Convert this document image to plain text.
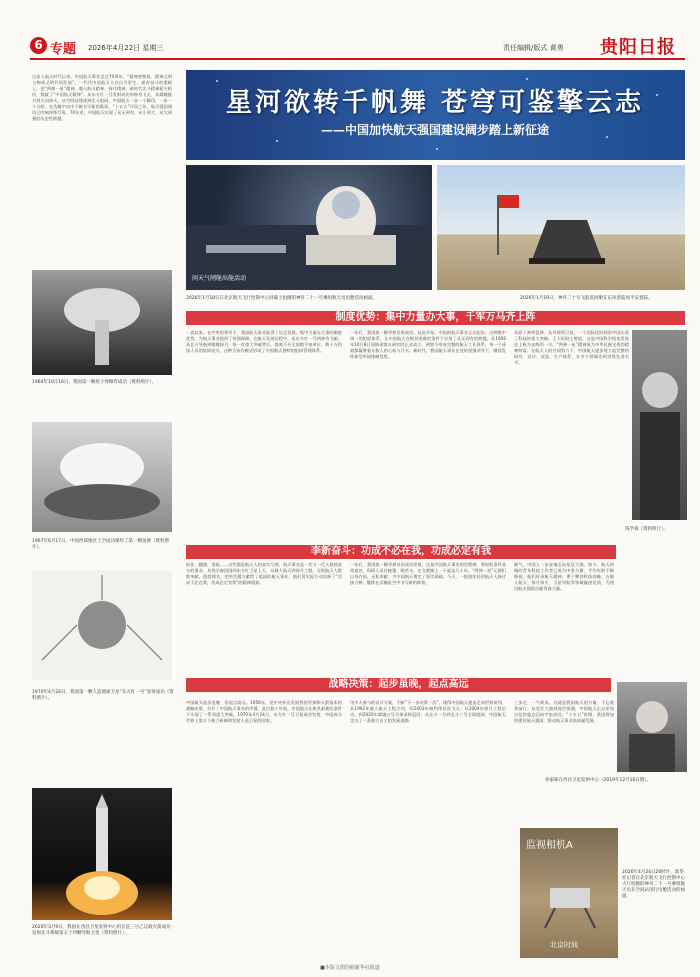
6 专题 2026年4月22日 星期三	责任编辑/版式 黄勇 贵阳日报
自步入航天时代以来，中国航天事业走过70周年。“精神变物质，精神文明与物质文明共同发展”。一代代中国航天人在自力更生、艰苦奋斗的道路上，把“两弹一星”精神、载人航天精神、探月精神、新时代北斗精神薪火相传，铸就了“中国航天精神”。从东方红一号发射成功到神舟飞天，从嫦娥揽月到天问探火，从空间站建成到北斗组网，中国航天一步一个脚印，一步一个台阶，在浩瀚宇宙中不断书写新的篇章。“十五五”开局之年，航天强国建设已吹响冲锋号角。70年来，中国航天实现了从无到有、从小到大、从大到强的历史性跨越。
星河欲转千帆舞 苍穹可鉴擎云志
——中国加快航天强国建设阔步踏上新征途
问天气闸舱出舱活动
2026年1月18日在北京航天飞行控制中心屏幕上拍摄的神舟二十一号乘组航天员出舱活动画面。	2026年1月19日，神舟二十号飞船返回舱在东风着陆场平安着陆。
1964年10月16日，我国第一颗原子弹爆炸成功（资料照片）。
制度优势：集中力量办大事，千军万马齐上阵
一直以来，在中央的领导下，我国航天事业取得了长足发展。集中力量办大事的制度优势，为航天事业提供了坚强保障。在航天发展历程中，从东方红一号到神舟飞船，从北斗导航到嫦娥探月，每一次重大突破背后，都离不开全国数千家单位、数十万科技人员的协同攻关。这种大协作模式形成了中国航天独特的组织管理体系。
一年后，我国第一颗导弹发射成功。从此开始，中国的航天事业正式起步。这种集中统一的组织体系，让中国航天在极其困难的条件下实现了从无到有的跨越。从1956年10月8日国防部第五研究院正式成立，到如今形成完整的航天工业体系，每一个成就都凝聚着无数人的心血与汗水。新时代，我国航天事业在党的坚强领导下，继续发挥新型举国体制优势。
从原子弹到氢弹，从导弹到卫星，一个国际化时间里中国实现了科技的重大突破。王大珩院士曾说，这是中国科学技术发展史上极为光辉的一页。“两弹一星”精神成为中华民族宝贵的精神财富。在航天人的共同努力下，中国航天逐步建立起完整的研究、设计、试验、生产体系，在多个领域达到世界先进水平。
钱学森（资料照片）。
1967年6月17日，中国西部地区上空成功爆炸了第一颗氢弹（资料照片）。	李新奋斗：功成不必在我，功成必定有我
前往、翻越、进取……这些都是航天人的真实写照。航天事业是一代又一代人接续奋斗的事业。从钱学森回国到东方红卫星上天，从载人航天到探月工程，无数航天人默默奉献，隐姓埋名，把毕生精力献给了祖国的航天事业。他们用实际行动诠释了“功成不必在我，功成必定有我”的精神境界。
一年后，我国第一颗导弹首次成功发射，这是中国航天事业的里程碑。那时的条件非常艰苦，科研人员住帐篷、喝苦水，在戈壁滩上一干就是几十年。“两弹一星”元勋们以身许国、无私奉献，为中国航天奠定了坚实基础。今天，一批批年轻的航天人接过接力棒，继续在浩瀚星空中书写新的辉煌。
硬气，中国人一步步地迈向星辰大海。如今，航天领域的青年科技工作者已成为中坚力量，平均年龄不断降低。他们传承航天精神，勇于攀登科技高峰，在载人航天、探月探火、卫星导航等领域屡创佳绩，为建设航天强国贡献青春力量。
1970年4月24日，我国第一颗人造地球卫星“东方红一号”发射成功（资料照片）。
孙家栋在西昌卫星发射中心（2019年12月16日摄）。
战略决策：起步虽晚，起点高远
中国航天起步虽晚，但起点高远。1956年，党中央作出发展我国导弹和火箭技术的战略决策，拉开了中国航天事业的序幕。此后数十年间，中国航天在极其艰难的条件下实现了一系列重大突破。1970年4月24日，东方红一号卫星成功发射，中国成为世界上第五个独立研制和发射人造卫星的国家。
用多人参与的设计方案，不断“下一步决策一次”，使得中国航天逐步走向世界前列。从1992年载人航天工程立项，到2003年杨利伟首次飞天；从2004年探月工程启动，到2020年嫦娥五号月球采样返回；从北斗一号到北斗三号全球组网，中国航天走出了一条独立自主的发展道路。
三步走，一气呵成。这就是我国航天的力量，不忘使命前行。从苍茫大漠到深空探测，中国航天正以更加自信的姿态迈向宇宙深处。“十五五”时期，我国将加快建设航天强国，推动航天事业高质量发展。
2020年3月9日，我国在西昌卫星发射中心用长征三号乙运载火箭成功发射北斗系统第五十四颗导航卫星（资料照片）。
监视相机A
北京时间
2026年4月24日20时许，新华社记者在北京航天飞行控制中心大厅拍摄的神舟二十一号乘组航天员在空间站进行出舱活动的画面。
■本版文图均据新华社报道
